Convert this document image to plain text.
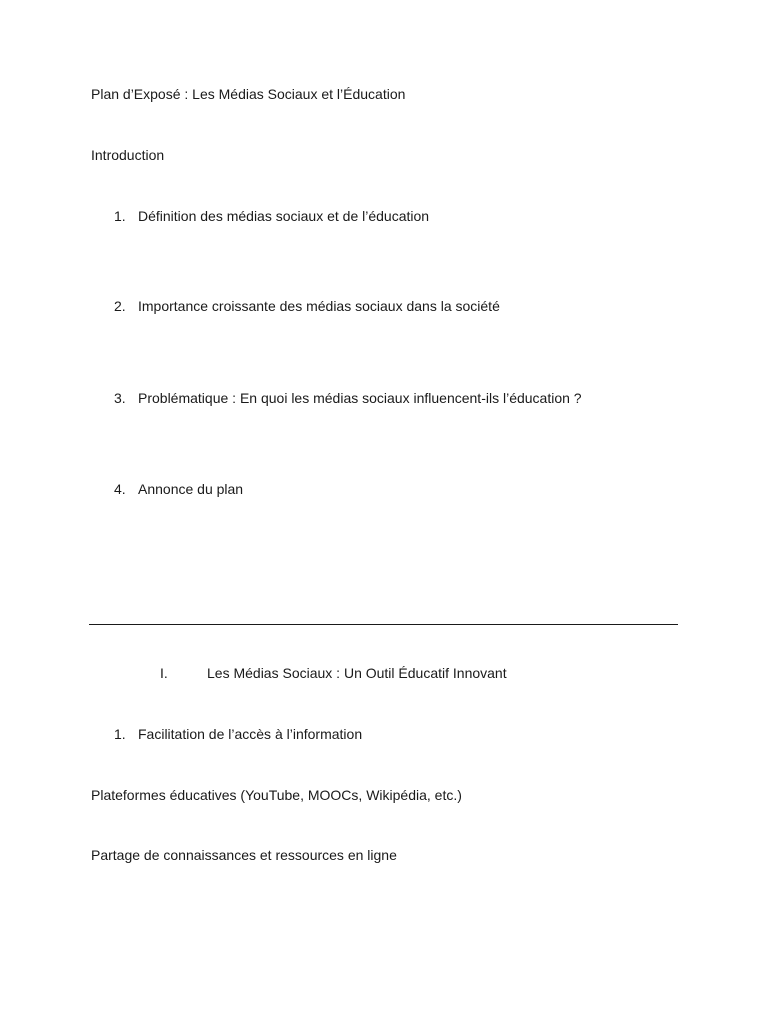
Plan d’Exposé : Les Médias Sociaux et l’Éducation
Introduction
1. Définition des médias sociaux et de l’éducation
2. Importance croissante des médias sociaux dans la société
3. Problématique : En quoi les médias sociaux influencent-ils l’éducation ?
4. Annonce du plan
I.	Les Médias Sociaux : Un Outil Éducatif Innovant
1. Facilitation de l’accès à l’information
Plateformes éducatives (YouTube, MOOCs, Wikipédia, etc.)
Partage de connaissances et ressources en ligne
